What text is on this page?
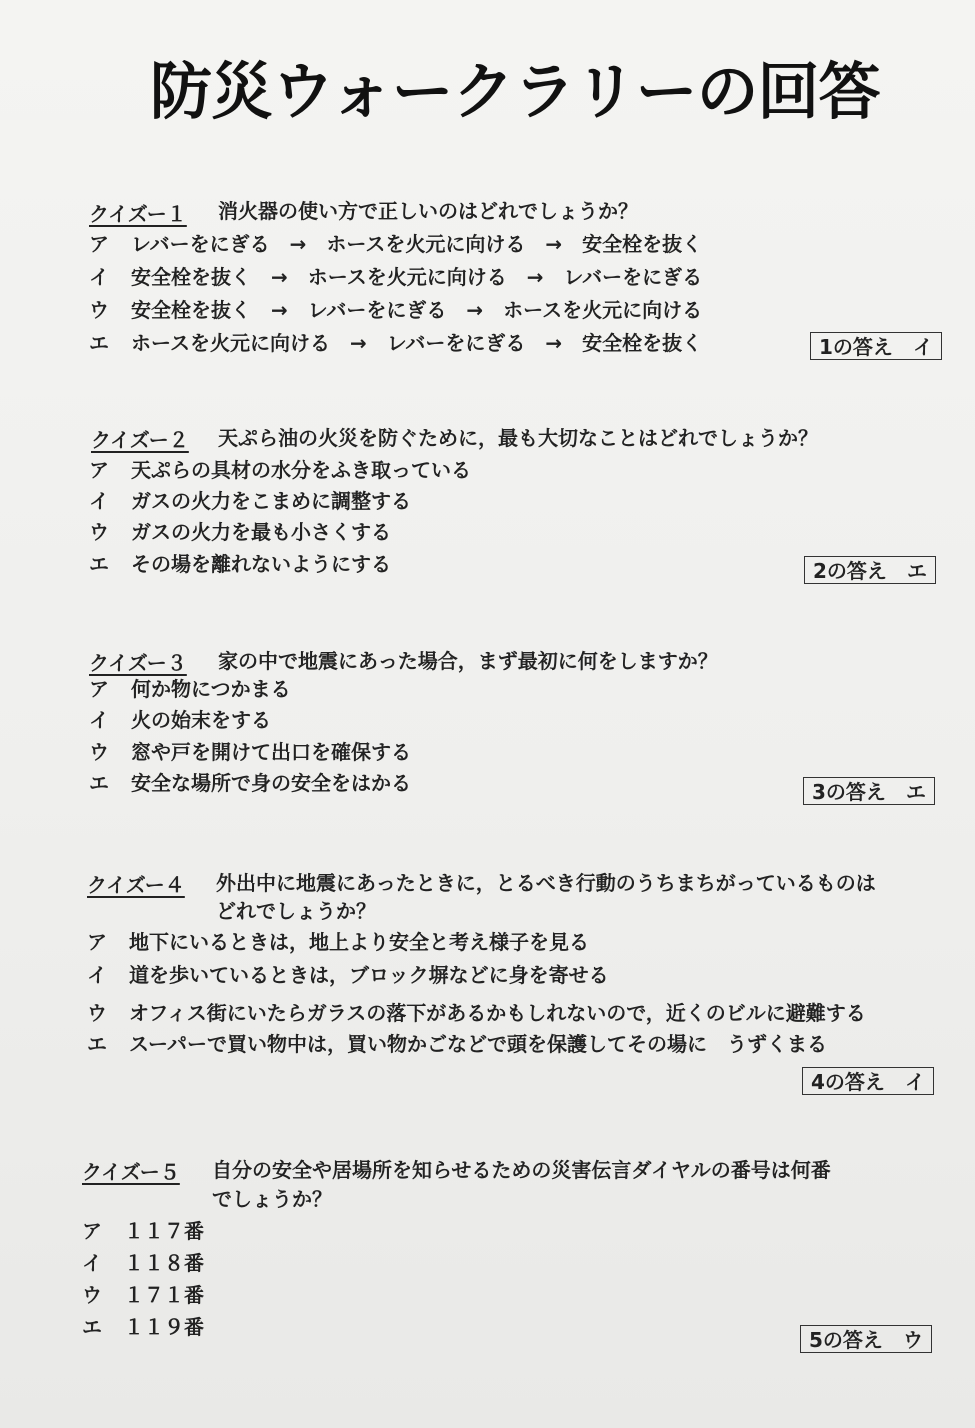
防災ウォークラリーの回答
クイズー１ 消火器の使い方で正しいのはどれでしょうか？
ア レバーをにぎる　→　ホースを火元に向ける　→　安全栓を抜く
イ 安全栓を抜く　→　ホースを火元に向ける　→　レバーをにぎる
ウ 安全栓を抜く　→　レバーをにぎる　→　ホースを火元に向ける
エ ホースを火元に向ける　→　レバーをにぎる　→　安全栓を抜く	1の答え イ
クイズー２ 天ぷら油の火災を防ぐために，最も大切なことはどれでしょうか？
ア 天ぷらの具材の水分をふき取っている
イ ガスの火力をこまめに調整する
ウ ガスの火力を最も小さくする
エ その場を離れないようにする	2の答え エ
クイズー３ 家の中で地震にあった場合，まず最初に何をしますか？
ア 何か物につかまる
イ 火の始末をする
ウ 窓や戸を開けて出口を確保する
エ 安全な場所で身の安全をはかる	3の答え エ
クイズー４ 外出中に地震にあったときに，とるべき行動のうちまちがっているものは
どれでしょうか？
ア 地下にいるときは，地上より安全と考え様子を見る
イ 道を歩いているときは，ブロック塀などに身を寄せる
ウ オフィス街にいたらガラスの落下があるかもしれないので，近くのビルに避難する
エ スーパーで買い物中は，買い物かごなどで頭を保護してその場に　うずくまる
4の答え イ
クイズー５ 自分の安全や居場所を知らせるための災害伝言ダイヤルの番号は何番
でしょうか？
ア １１７番
イ １１８番
ウ １７１番
エ １１９番
5の答え ウ
